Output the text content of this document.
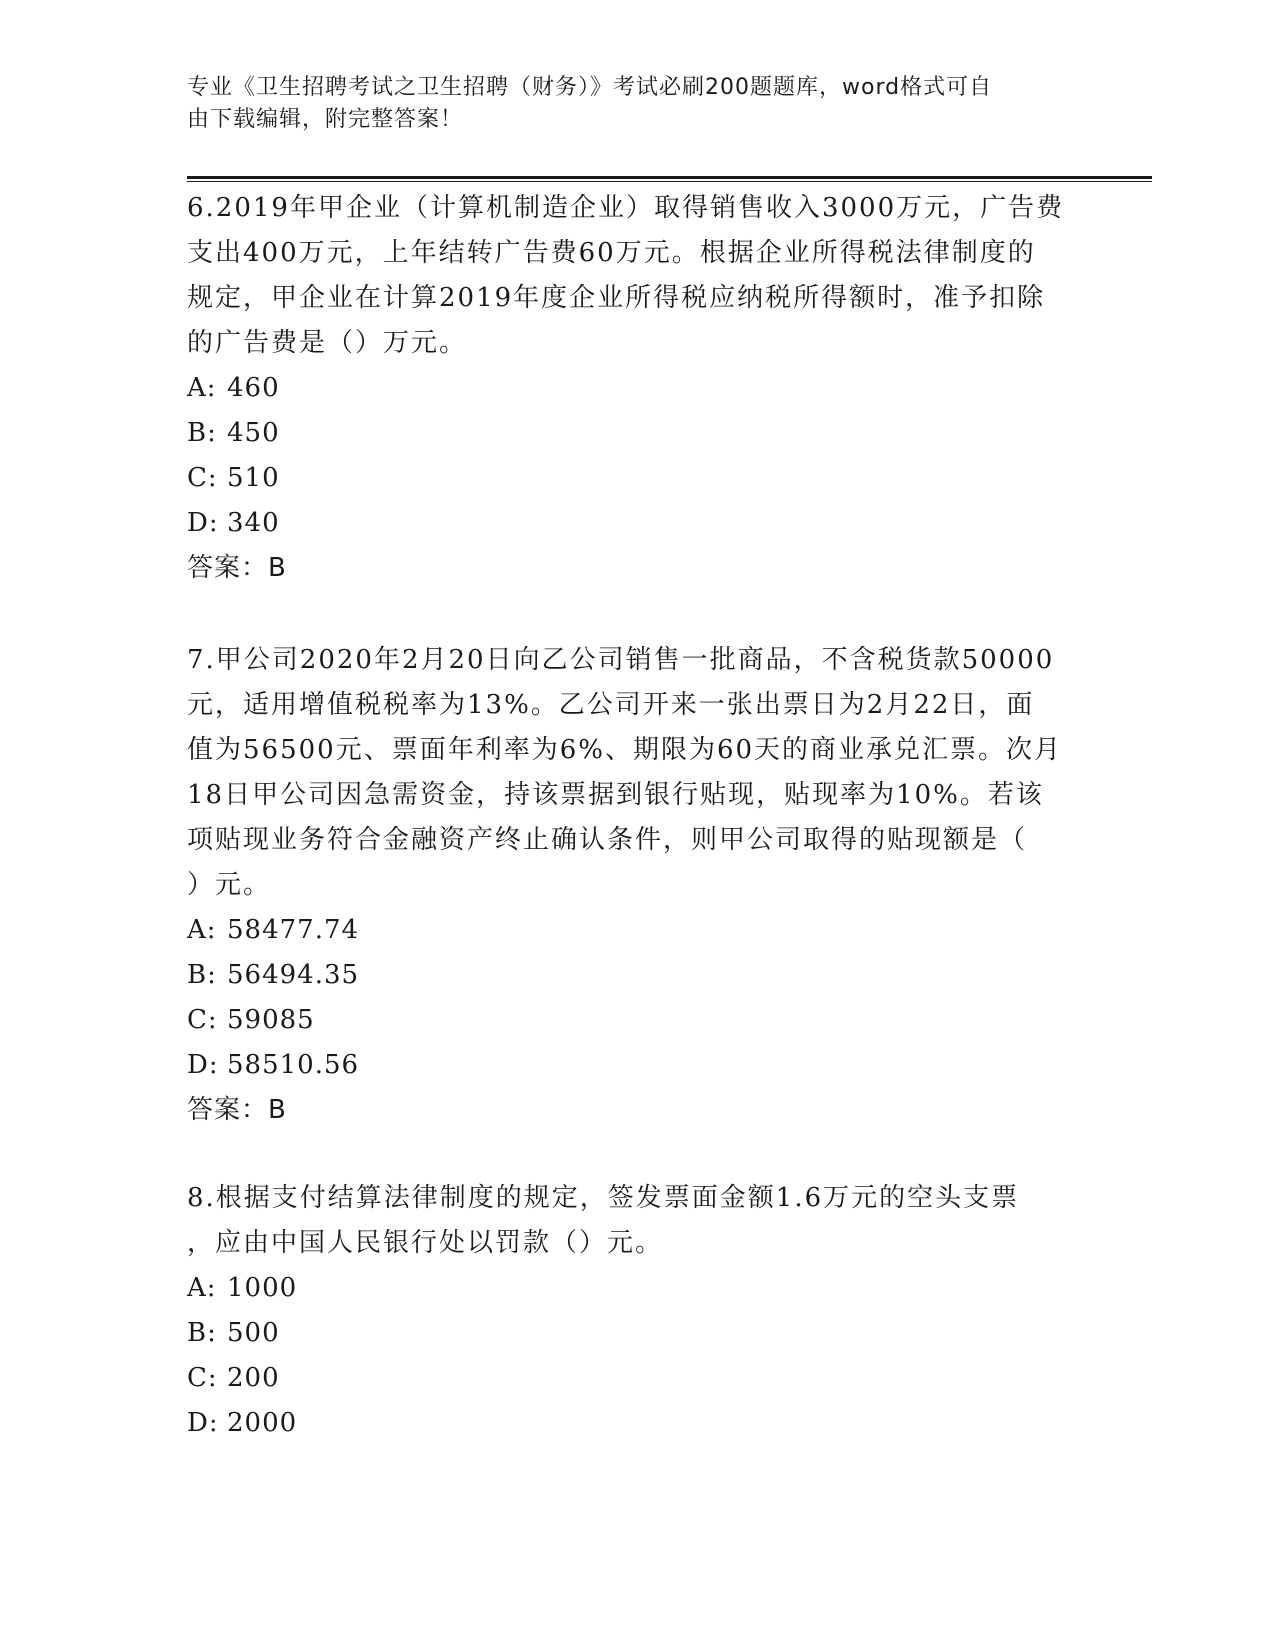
专业《卫生招聘考试之卫生招聘（财务）》考试必刷200题题库，word格式可自
由下载编辑，附完整答案！

6.2019年甲企业（计算机制造企业）取得销售收入3000万元，广告费

支出400万元，上年结转广告费60万元。根据企业所得税法律制度的

规定，甲企业在计算2019年度企业所得税应纳税所得额时，准予扣除

的广告费是（）万元。

A: 460

B: 450

C: 510

D: 340

答案：B

7.甲公司2020年2月20日向乙公司销售一批商品，不含税货款50000

元，适用增值税税率为13%。乙公司开来一张出票日为2月22日，面

值为56500元、票面年利率为6%、期限为60天的商业承兑汇票。次月

18日甲公司因急需资金，持该票据到银行贴现，贴现率为10%。若该

项贴现业务符合金融资产终止确认条件，则甲公司取得的贴现额是（

）元。

A: 58477.74

B: 56494.35

C: 59085

D: 58510.56

答案：B

8.根据支付结算法律制度的规定，签发票面金额1.6万元的空头支票

，应由中国人民银行处以罚款（）元。

A: 1000

B: 500

C: 200

D: 2000
